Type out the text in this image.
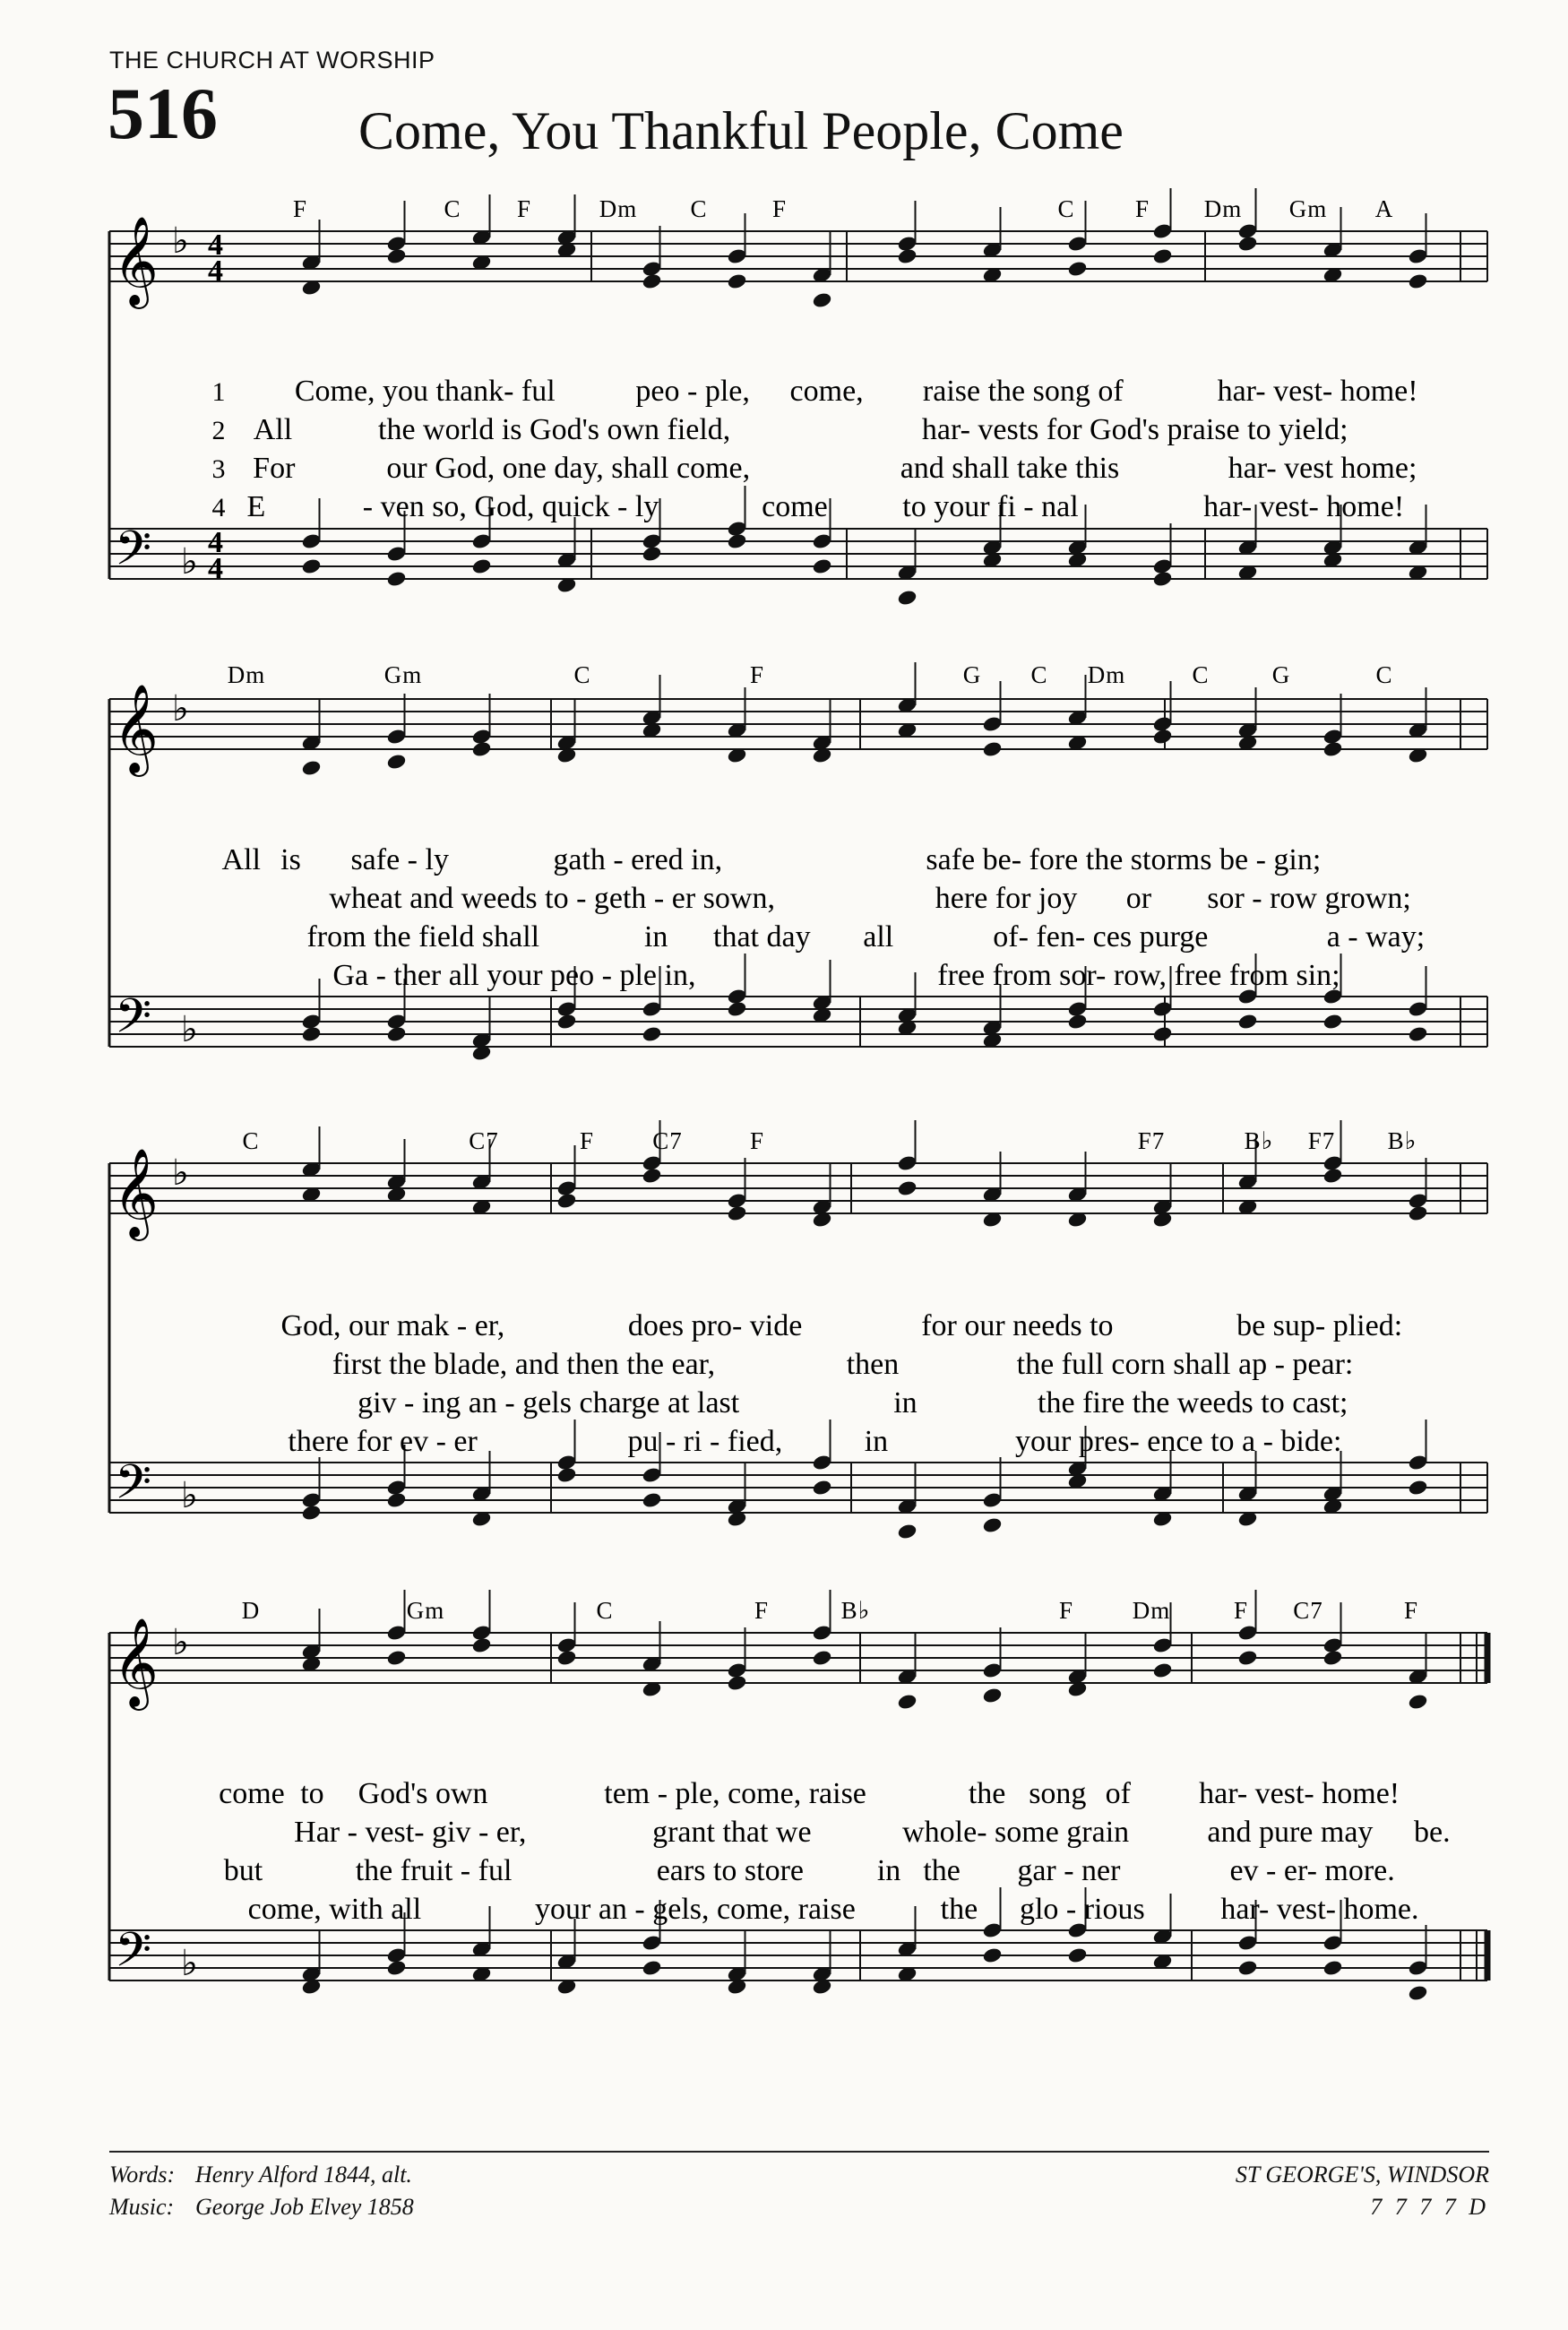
THE CHURCH AT WORSHIP
516	Come, You Thankful People, Come
𝄞 ♭ 4
4
𝄢 ♭ 4
4
F	C F	Dm C	F	C F Dm Gm A
1 Come, you thank- ful	peo - ple, come, raise the song of	har- vest- home!
2 All	the world is God's own field,	har- vests for God's praise to yield;
3 For	our God, one day, shall come,	and shall take this	har- vest home;
4 E	- ven so, God, quick - ly	come to your fi - nal	har- vest- home!
𝄞 ♭
𝄢 ♭
Dm	Gm	C	F	G C Dm	C	G	C
All is safe - ly	gath - ered in,	safe be- fore the storms be - gin;
wheat and weeds to - geth - er sown,	here for joy or sor - row grown;
from the field shall	in that day all	of- fen- ces purge	a - way;
Ga - ther all your peo - ple in,	free from sor- row, free from sin;
𝄞 ♭
𝄢 ♭
C	C7	F C7	F	F7	B♭ F7 B♭
God, our mak - er,	does pro- vide	for our needs to	be sup- plied:
first the blade, and then the ear,	then	the full corn shall ap - pear:
giv - ing an - gels charge at last	in	the fire the weeds to cast;
there for ev - er	pu - ri - fied,	in	your pres- ence to a - bide:
𝄞 ♭
𝄢 ♭
D	Gm	C	F	B♭	F Dm	F C7	F
come to God's own	tem - ple, come, raise	the song of har- vest- home!
Har - vest- giv - er,	grant that we	whole- some grain	and pure may be.
but	the fruit - ful	ears to store in the gar - ner	ev - er- more.
come, with all	your an - gels, come, raise	the glo - rious har- vest- home.
Words: Henry Alford 1844, alt.
Music: George Job Elvey 1858
ST GEORGE'S, WINDSOR
7 7 7 7 D
